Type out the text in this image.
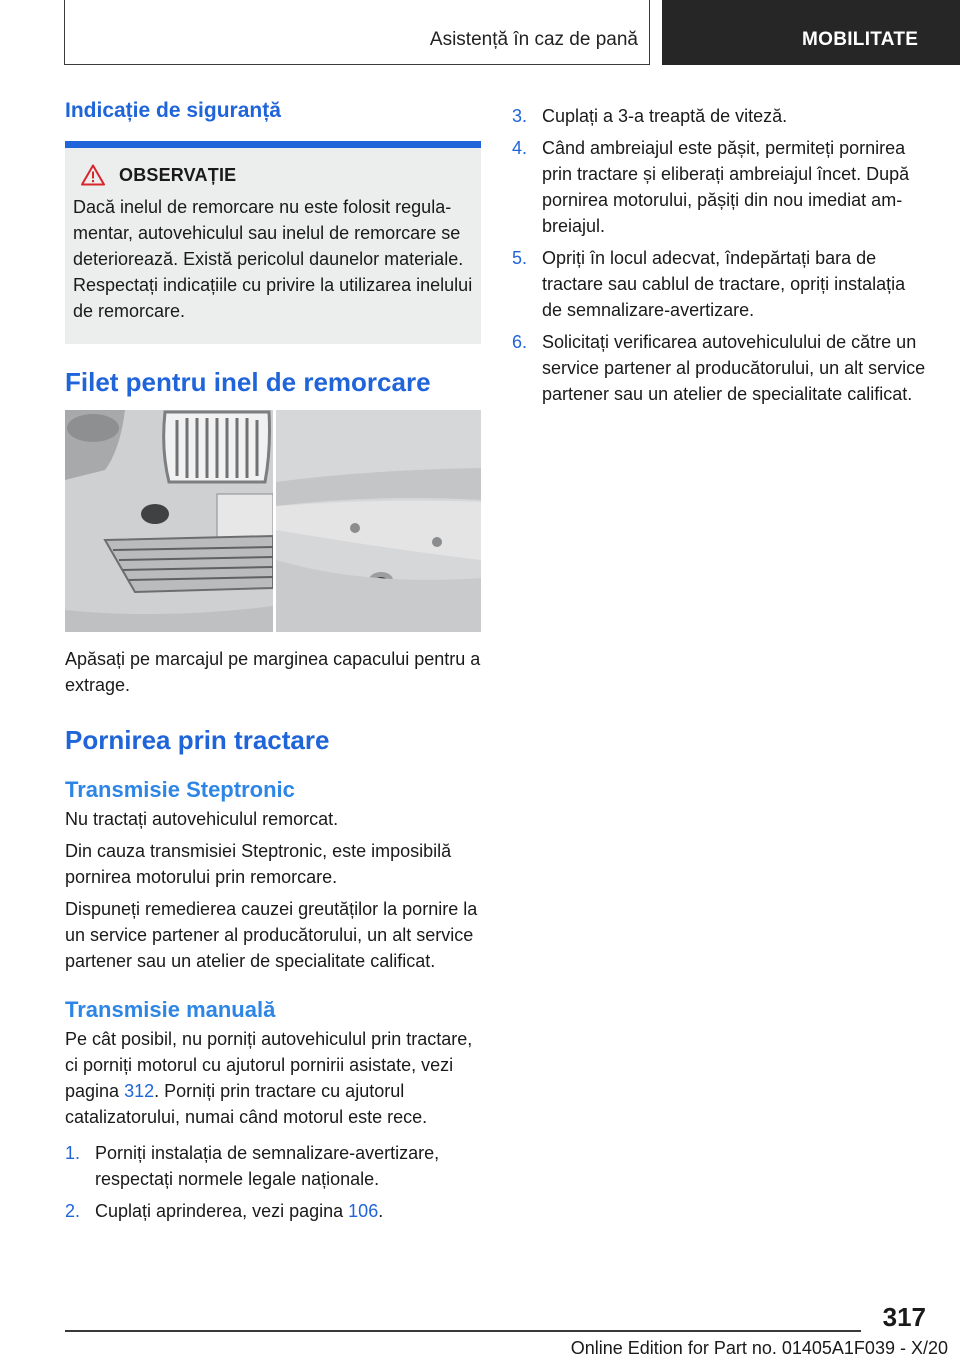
Asistență în caz de pană	MOBILITATE
Indicație de siguranță
OBSERVAȚIE

Dacă inelul de remorcare nu este folosit regulamentar, autovehiculul sau inelul de remorcare se deteriorează. Există pericolul daunelor materiale. Respectați indicațiile cu privire la utilizarea inelului de remorcare.

Filet pentru inel de remorcare

Apăsați pe marcajul pe marginea capacului pentru a extrage.

Pornirea prin tractare
Transmisie Steptronic

Nu tractați autovehiculul remorcat.

Din cauza transmisiei Steptronic, este imposibilă pornirea motorului prin remorcare.

Dispuneți remedierea cauzei greutăților la pornire la un service partener al producătorului, un alt service partener sau un atelier de specialitate calificat.

Transmisie manuală

Pe cât posibil, nu porniți autovehiculul prin tractare, ci porniți motorul cu ajutorul pornirii asistate, vezi pagina 312. Porniți prin tractare cu ajutorul catalizatorului, numai când motorul este rece.

1. Porniți instalația de semnalizare-avertizare, respectați normele legale naționale.
2. Cuplați aprinderea, vezi pagina 106.
3. Cuplați a 3-a treaptă de viteză.
4. Când ambreiajul este pășit, permiteți pornirea prin tractare și eliberați ambreiajul încet. După pornirea motorului, pășiți din nou imediat ambreiajul.
5. Opriți în locul adecvat, îndepărtați bara de tractare sau cablul de tractare, opriți instalația de semnalizare-avertizare.
6. Solicitați verificarea autovehiculului de către un service partener al producătorului, un alt service partener sau un atelier de specialitate calificat.
317
Online Edition for Part no. 01405A1F039 - X/20
